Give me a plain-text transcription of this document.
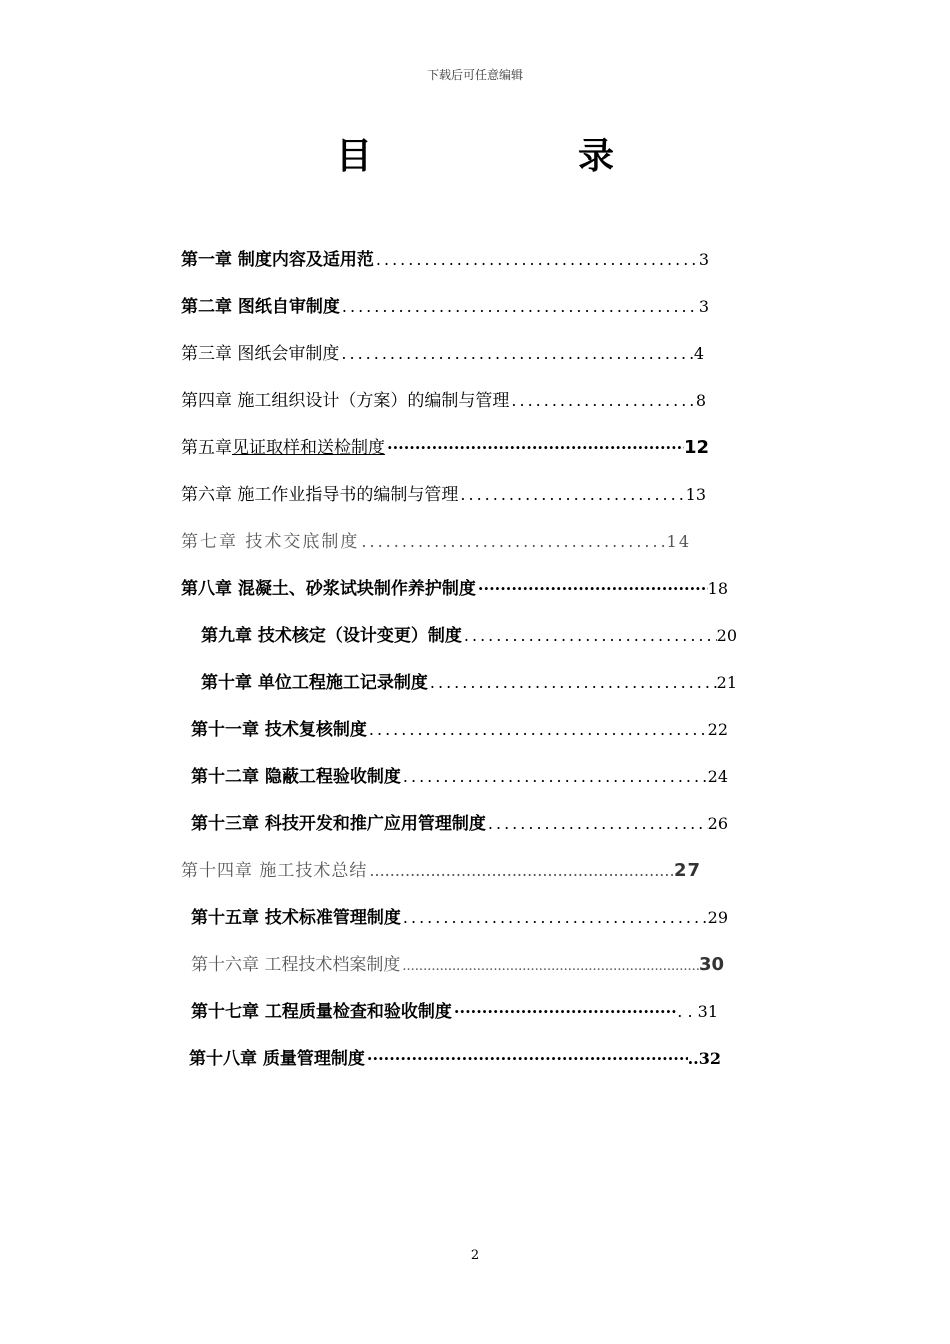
下载后可任意编辑
目	录
第一章 制度内容及适用范 .....	3
第二章 图纸自审制度 .....	3
第三章 图纸会审制度 .....	4
第四章 施工组织设计（方案）的编制与管理 .....	8
第五章 见证取样和送检制度 ·····	12
第六章 施工作业指导书的编制与管理 .....	13
第七章 技术交底制度 .....	14
第八章 混凝土、砂浆试块制作养护制度 ·····	18
第九章 技术核定（设计变更）制度 .....	20
第十章 单位工程施工记录制度 .....	21
第十一章 技术复核制度 .....	22
第十二章 隐蔽工程验收制度 .....	24
第十三章 科技开发和推广应用管理制度 .....	26
第十四章 施工技术总结 .....	27
第十五章 技术标准管理制度 .....	29
第十六章 工程技术档案制度 .....	30
第十七章 工程质量检查和验收制度 ·····	. . 31
第十八章 质量管理制度 ·····	..32
2
